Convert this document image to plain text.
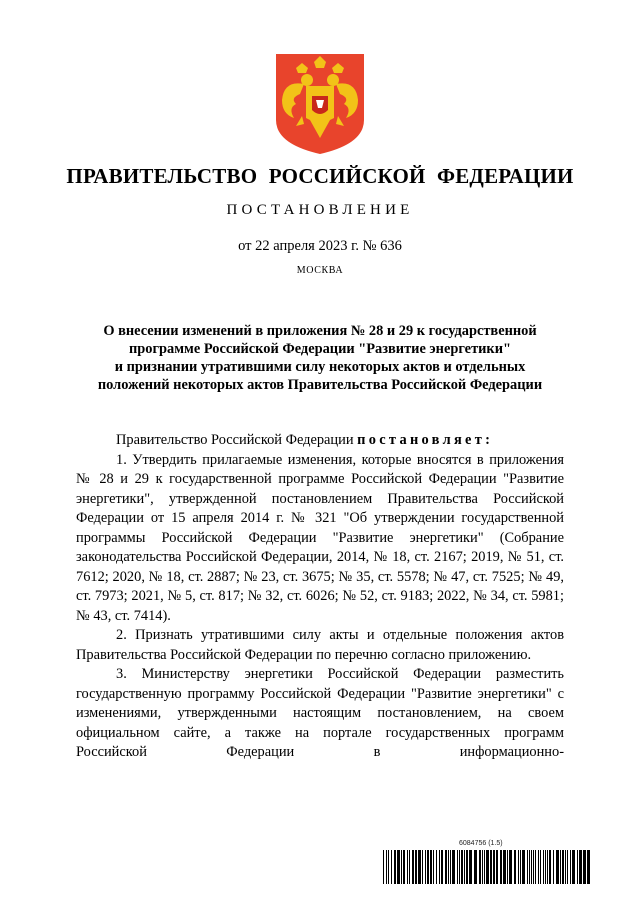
ПРАВИТЕЛЬСТВО РОССИЙСКОЙ ФЕДЕРАЦИИ
ПОСТАНОВЛЕНИЕ
от 22 апреля 2023 г. № 636
МОСКВА
О внесении изменений в приложения № 28 и 29 к государственной
программе Российской Федерации "Развитие энергетики"
и признании утратившими силу некоторых актов и отдельных
положений некоторых актов Правительства Российской Федерации

Правительство Российской Федерации постановляет:

1. Утвердить прилагаемые изменения, которые вносятся в приложения № 28 и 29 к государственной программе Российской Федерации "Развитие энергетики", утвержденной постановлением Правительства Российской Федерации от 15 апреля 2014 г. № 321 "Об утверждении государственной программы Российской Федерации "Развитие энергетики" (Собрание законодательства Российской Федерации, 2014, № 18, ст. 2167; 2019, № 51, ст. 7612; 2020, № 18, ст. 2887; № 23, ст. 3675; № 35, ст. 5578; № 47, ст. 7525; № 49, ст. 7973; 2021, № 5, ст. 817; № 32, ст. 6026; № 52, ст. 9183; 2022, № 34, ст. 5981; № 43, ст. 7414).

2. Признать утратившими силу акты и отдельные положения актов Правительства Российской Федерации по перечню согласно приложению.

3. Министерству энергетики Российской Федерации разместить государственную программу Российской Федерации "Развитие энергетики" с изменениями, утвержденными настоящим постановлением, на своем официальном сайте, а также на портале государственных программ Российской Федерации в информационно-

6084756 (1.5)
